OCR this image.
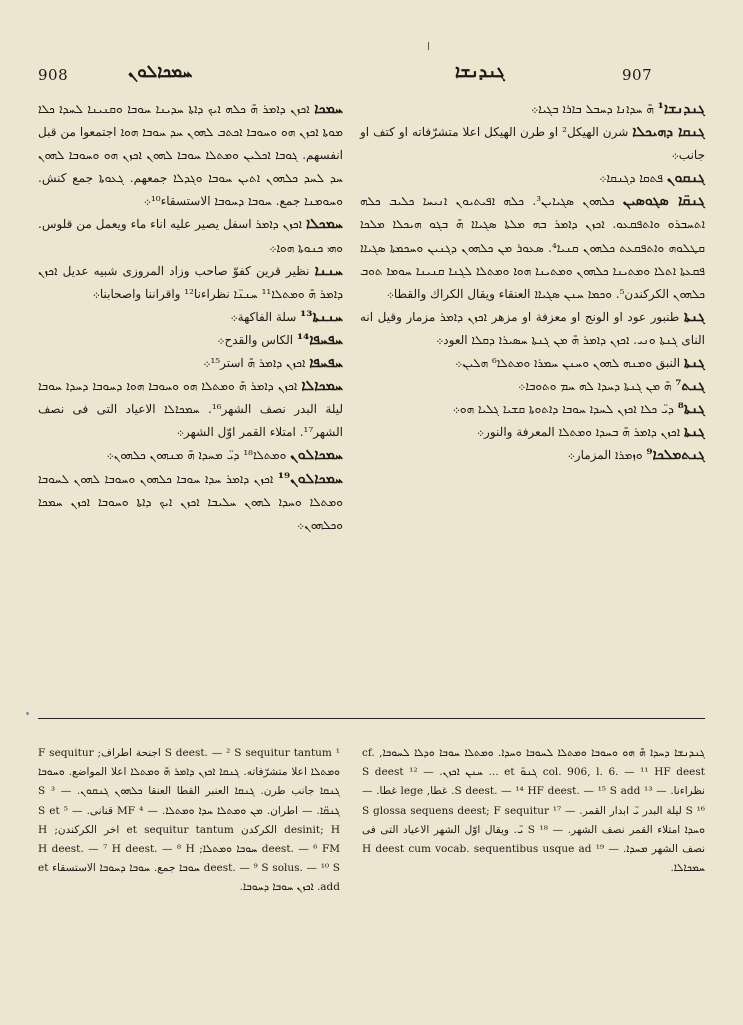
908	ܚܡܟܐܠܘܢ	ܓܢܕܢܫܐ	907

ܚܡܟܐ ܐܟܙܢ ܕܐܡܪ ܗ̄ ܟܠܗ ܐܝܟ ܕܐܬܐ ܚܕܝܢܐ ܚܘܒܐ ܘܩܢܝܢܐ ܠܚܕܐ ܟܠܐ ܡܘܬܐ ܐܟܙܢ ܗܘ ܘܚܘܒܐ ܐܟܬܒ ܠܗܘܢ ܚܕ ܚܘܒܐ ܗܘܐ اجتمعوا من قبل انفسهم. ܓܘܒܐ ܐܟܠܝܢ ܘܡܬܠܐ ܚܘܒܐ ܠܗܘܢ ܐܟܙܢ ܗܘ ܘܚܘܒܐ ܠܗܘܢ ܚܕ ܠܚܕ ܟܠܗܘܢ ܐܬܝܢ ܚܘܒܐ ܘܓܕܠܐ جمعهم. ܓܥܘܬܐ جمع كنش. ܘܚܘܡܢܐ جمع. ܚܘܒܐ ܕܚܘܒܐ الاستسقاء¹⁰܀

ܚܡܟܠܐ ܐܟܙܢ ܕܐܡܪ اسفل يصير عليه اناء ماء ويعمل من قلوس. ܘܗܝ ܟܢܘܬܐ ܗܘܐ܀

ܚܢܢܐ نظير قرين كفوّ صاحب وزاد المروزى شبيه عديل ܐܟܙܢ ܕܐܡܪ ܗ̄ ܘܡܬܠܐ¹¹ ܚܢܢ̈ܐ نظراءنا¹² واقراننا واصحابنا܀

ܚܢܢܬܐ¹³ سلة الفاكهة܀

ܚܦܚܦܐ¹⁴ الكاس والقدح܀

ܚܦܚܦܐ ܐܟܙܢ ܕܐܡܪ ܗ̄ استر¹⁵܀

ܚܡܟܐܠܐ ܐܟܙܢ ܕܐܡܪ ܗ̄ ܘܡܬܠܐ ܗܘ ܘܚܘܒܐ ܗܘܐ ܕܚܘܒܐ ܕܚܕܐ ܚܘܒܐ ليلة البدر نصف الشهر¹⁶. ܚܡܟܐܠܐ الاعياد التى فى نصف الشهر¹⁷. امتلاء القمر اوّل الشهر܀

ܚܡܟܐܠܘܢ ܘܡܬܠܐ¹⁸ ܕܝ̈ ܡܚܕܐ ܗ̄ ܡܢܗܘܢ ܟܠܗܘܢ܀

ܚܡܟܐܠܘܢ¹⁹ ܐܟܙܢ ܕܐܡܪ ܚܕܐ ܚܘܒܐ ܟܠܗܘܢ ܘܚܘܒܐ ܠܗܘܢ ܠܚܘܒܐ ܘܡܬܠܐ ܘܚܕܐ ܠܗܘܢ ܚܠܝܒܐ ܐܟܙܢ ܐܝܟ ܕܐܬܐ ܘܚܘܒܐ ܐܟܙܢ ܚܡܟܐ ܘܟܠܗܘܢ܀

ܓܢܕܢܫܐ¹ ܗ̄ ܚܕܐܢܐ ܕܚܒܠ ܒܐܪܐ ܒܓܝܐ܀

ܓܢܩܐ ܕܗܝܟܠܐ شرن الهيكل² او طرن الهيكل اعلا متشرّفاته او كتف او جانب܀

ܓܢܩܘܢ ܦܬܩܐ ܕܓܢܩܐ܀

ܓܢܩ̈ܐ ܣܓܘܣܝܢ ܟܠܗܘܢ ܣܓܝܐܝܢ³. ܟܠܗ ܐܦܝܬܝܘܢ ܐܢܝܚܐ ܟܠܝܒ ܟܠܗ ܐܬܚܒܪܘ ܘܐܬܦܩܥܘ. ܐܟܙܢ ܕܐܡܪ ܒܗ ܡܠܬܐ ܣܓܝܐܐ ܗ̄ ܒܓܘ ܗܝܟܠܐ ܡܠܟܐ ܩܛܠܘܗ ܘܐܬܦܩܥܬ ܟܠܗܘܢ ܩܢܝܐ⁴. ܣܥܘܪ ܡܢ ܟܠܗܘܢ ܕܓܢܝܢ ܘܚܟܡܬܐ ܣܓܝܐܐ ܦܩܥܬܐ ܐܬܠܐ ܘܡܬܝܢܐ ܟܠܗܘܢ ܘܡܬܝܢܐ ܗܘܐ ܘܡܬܠܐ ܠܓܢܐ ܩܢܝܢܐ ܚܘܡܐ ܬܘܒ ܟܠܗܘܢ الكركندن⁵. ܘܟܡܐ ܚܢܢ ܣܓܝܐܐ العنقاء ويقال الكراك والقطا܀

ܓܢܬܐ طنبور عود او الونج او معزفة او مزهر ܐܟܙܢ ܕܐܡܪ مزمار وقيل انه الناى ܓܢܬܐ ܘܢܝ. ܐܟܙܢ ܕܐܡܪ ܗ̄ ܡܢ ܓܢܬܐ ܚܣܝܪܐ ܕܩܠܐ العود܀

ܓܢܬܐ النبق ܘܡܢܗ ܠܗܘܢ ܘܚܢܢ ܚܡܪܐ ܘܡܬܠܐ⁶ ܗܠܝܢ܀

ܓܢܬ⁷ ܗ̄ ܡܢ ܓܢܬܐ ܕܚܕܐ ܠܗ ܚܡ ܘܬܘܒܐ܀

ܓܢܬܐ⁸ ܕܝ̈ ܟܠܐ ܐܟܙܢ ܠܚܕܐ ܚܘܒܐ ܕܐܬܘܬܐ ܩܫܝܐ ܓܠܝܐ ܗܘ܀

ܓܢܬܐ ܐܟܙܢ ܕܐܡܪ ܗ̄ ܒܚܕܐ ܘܡܬܠܐ المعرفة والنور܀

ܓܢܬܡܠܟܐ⁹ ܘܙܡܪܐ المزمار܀

¹ S deest. — ² S sequitur tantum اجنحة اطراف; F sequitur ܘܡܬܠܐ اعلا متشرّفاته. ܓܢܩܐ ܐܟܙܢ ܕܐܡܪ ܗ̄ ܘܡܬܠܐ اعلا المواضع. ܘܚܘܒܐ ܓܢܩܐ جانب طرن. ܓܢܩܐ العنبر القطا العنقا ܟܠܗܘܢ ܓܢܩܘܢ. — ³ S ܓܢܩ̈ܐ. — اطران. ܡܢ ܘܡܬܠܐ ܚܕܐ ܘܡܬܠܐ. — ⁴ MF قنانى. — ⁵ S et desinit; H الكركدن et sequitur tantum اخر الكركندن; H deest. — ⁶ FM ܚܘܒܐ ܘܡܬܠܐ; H deest. — ⁷ H deest. — ⁸ H deest. — ⁹ S solus. — ¹⁰ S ܚܘܒܐ جمع. ܚܘܒܐ ܕܚܘܒܐ الاستسقاء et add. ܐܟܙܢ ܚܘܒܐ ܕܚܘܒܐ.
ܓܢܕܢܫܐ ܕܚܕܐ ܗ̄ ܗܘ ܘܚܘܒܐ ܘܡܬܠܐ ܠܚܘܒܐ ܘܚܕܐ. ܘܡܬܠܐ ܚܘܒܐ ܘܕܠܐ ܠܚܘܒܐ, cf. col. 906, l. 6. — ¹¹ HF deest ܓܢܘ̈ et ... ܚܢܢ ܐܟܙܢ. — ¹² S deest نظراءنا. — ¹³ S deest. — ¹⁴ HF deest. — ¹⁵ S add. غطا, lege غطا. — ¹⁶ S ليلة البدر ܝ̈ ابدار القمر. — ¹⁷ S glossa sequens deest; F sequitur ܘܚܕܐ امتلاء القمر نصف الشهر. — ¹⁸ S ܝ̈. ويقال اوّل الشهر الاعياد التى فى نصف الشهر ܡܚܕܐ. — ¹⁹ H deest cum vocab. sequentibus usque ad ܚܡܟܐܠܐ.
